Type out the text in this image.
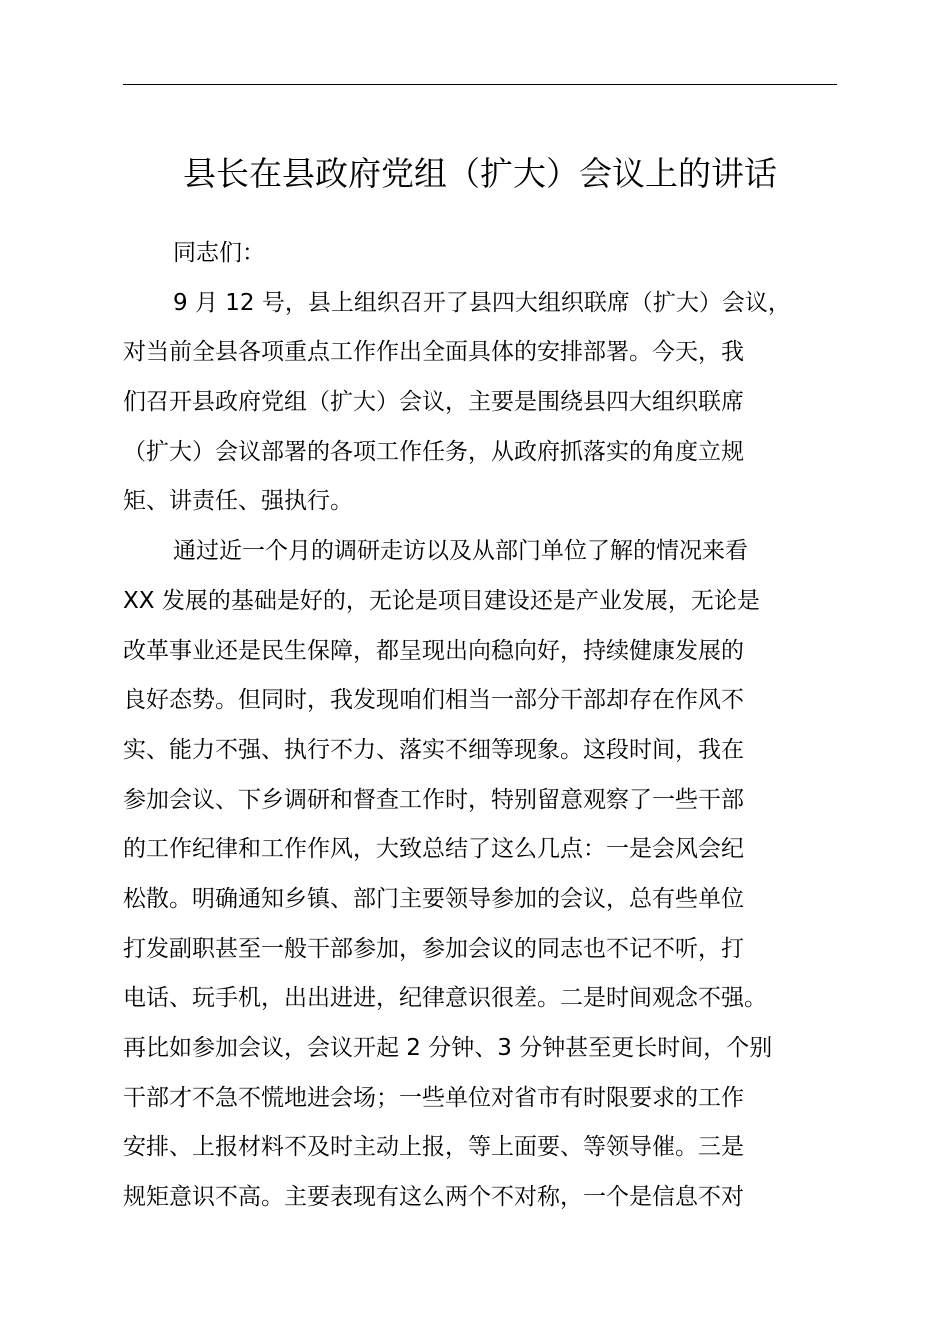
县长在县政府党组（扩大）会议上的讲话
同志们：
9 月 12 号，县上组织召开了县四大组织联席（扩大）会议，
对当前全县各项重点工作作出全面具体的安排部署。今天，我
们召开县政府党组（扩大）会议，主要是围绕县四大组织联席
（扩大）会议部署的各项工作任务，从政府抓落实的角度立规
矩、讲责任、强执行。
通过近一个月的调研走访以及从部门单位了解的情况来看
XX 发展的基础是好的，无论是项目建设还是产业发展，无论是
改革事业还是民生保障，都呈现出向稳向好，持续健康发展的
良好态势。但同时，我发现咱们相当一部分干部却存在作风不
实、能力不强、执行不力、落实不细等现象。这段时间，我在
参加会议、下乡调研和督查工作时，特别留意观察了一些干部
的工作纪律和工作作风，大致总结了这么几点：一是会风会纪
松散。明确通知乡镇、部门主要领导参加的会议，总有些单位
打发副职甚至一般干部参加，参加会议的同志也不记不听，打
电话、玩手机，出出进进，纪律意识很差。二是时间观念不强。
再比如参加会议，会议开起 2 分钟、3 分钟甚至更长时间，个别
干部才不急不慌地进会场；一些单位对省市有时限要求的工作
安排、上报材料不及时主动上报，等上面要、等领导催。三是
规矩意识不高。主要表现有这么两个不对称，一个是信息不对
